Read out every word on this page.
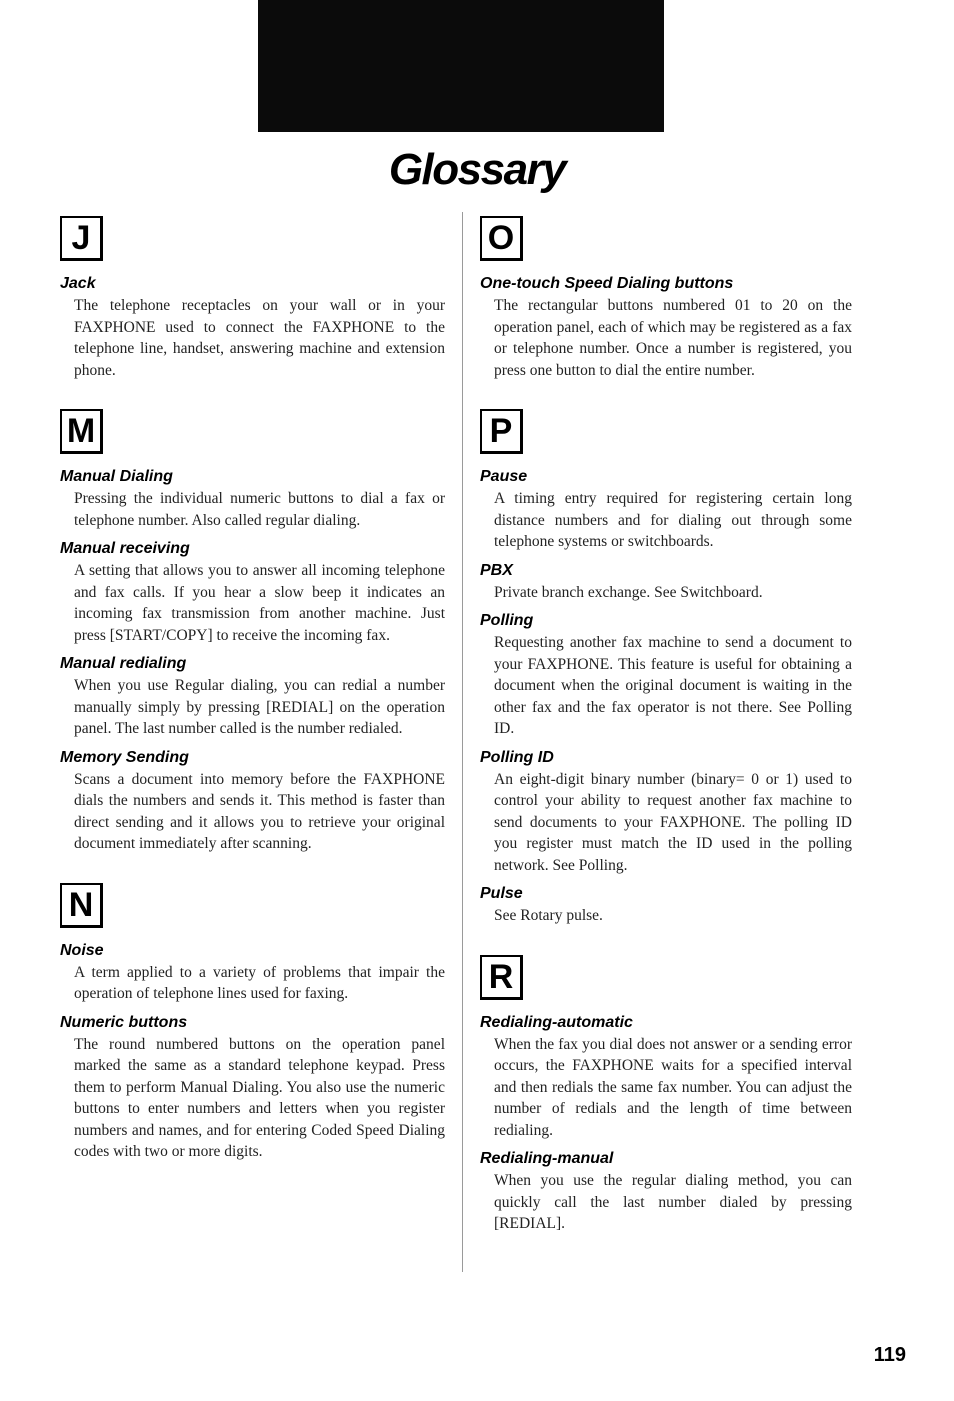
Glossary
J

Jack

The telephone receptacles on your wall or in your FAXPHONE used to connect the FAXPHONE to the telephone line, handset, answering machine and extension phone.

M

Manual Dialing

Pressing the individual numeric buttons to dial a fax or telephone number. Also called regular dialing.

Manual receiving

A setting that allows you to answer all incoming telephone and fax calls. If you hear a slow beep it indicates an incoming fax transmission from another machine. Just press [START/COPY] to receive the incoming fax.

Manual redialing

When you use Regular dialing, you can redial a number manually simply by pressing [REDIAL] on the operation panel. The last number called is the number redialed.

Memory Sending

Scans a document into memory before the FAXPHONE dials the numbers and sends it. This method is faster than direct sending and it allows you to retrieve your original document immediately after scanning.

N

Noise

A term applied to a variety of problems that impair the operation of telephone lines used for faxing.

Numeric buttons

The round numbered buttons on the operation panel marked the same as a standard telephone keypad. Press them to perform Manual Dialing. You also use the numeric buttons to enter numbers and letters when you register numbers and names, and for entering Coded Speed Dialing codes with two or more digits.

O

One-touch Speed Dialing buttons

The rectangular buttons numbered 01 to 20 on the operation panel, each of which may be registered as a fax or telephone number. Once a number is registered, you press one button to dial the entire number.

P

Pause

A timing entry required for registering certain long distance numbers and for dialing out through some telephone systems or switchboards.

PBX

Private branch exchange. See Switchboard.

Polling

Requesting another fax machine to send a document to your FAXPHONE. This feature is useful for obtaining a document when the original document is waiting in the other fax and the fax operator is not there. See Polling ID.

Polling ID

An eight-digit binary number (binary= 0 or 1) used to control your ability to request another fax machine to send documents to your FAXPHONE. The polling ID you register must match the ID used in the polling network. See Polling.

Pulse

See Rotary pulse.

R

Redialing-automatic

When the fax you dial does not answer or a sending error occurs, the FAXPHONE waits for a specified interval and then redials the same fax number. You can adjust the number of redials and the length of time between redialing.

Redialing-manual

When you use the regular dialing method, you can quickly call the last number dialed by pressing [REDIAL].

119
